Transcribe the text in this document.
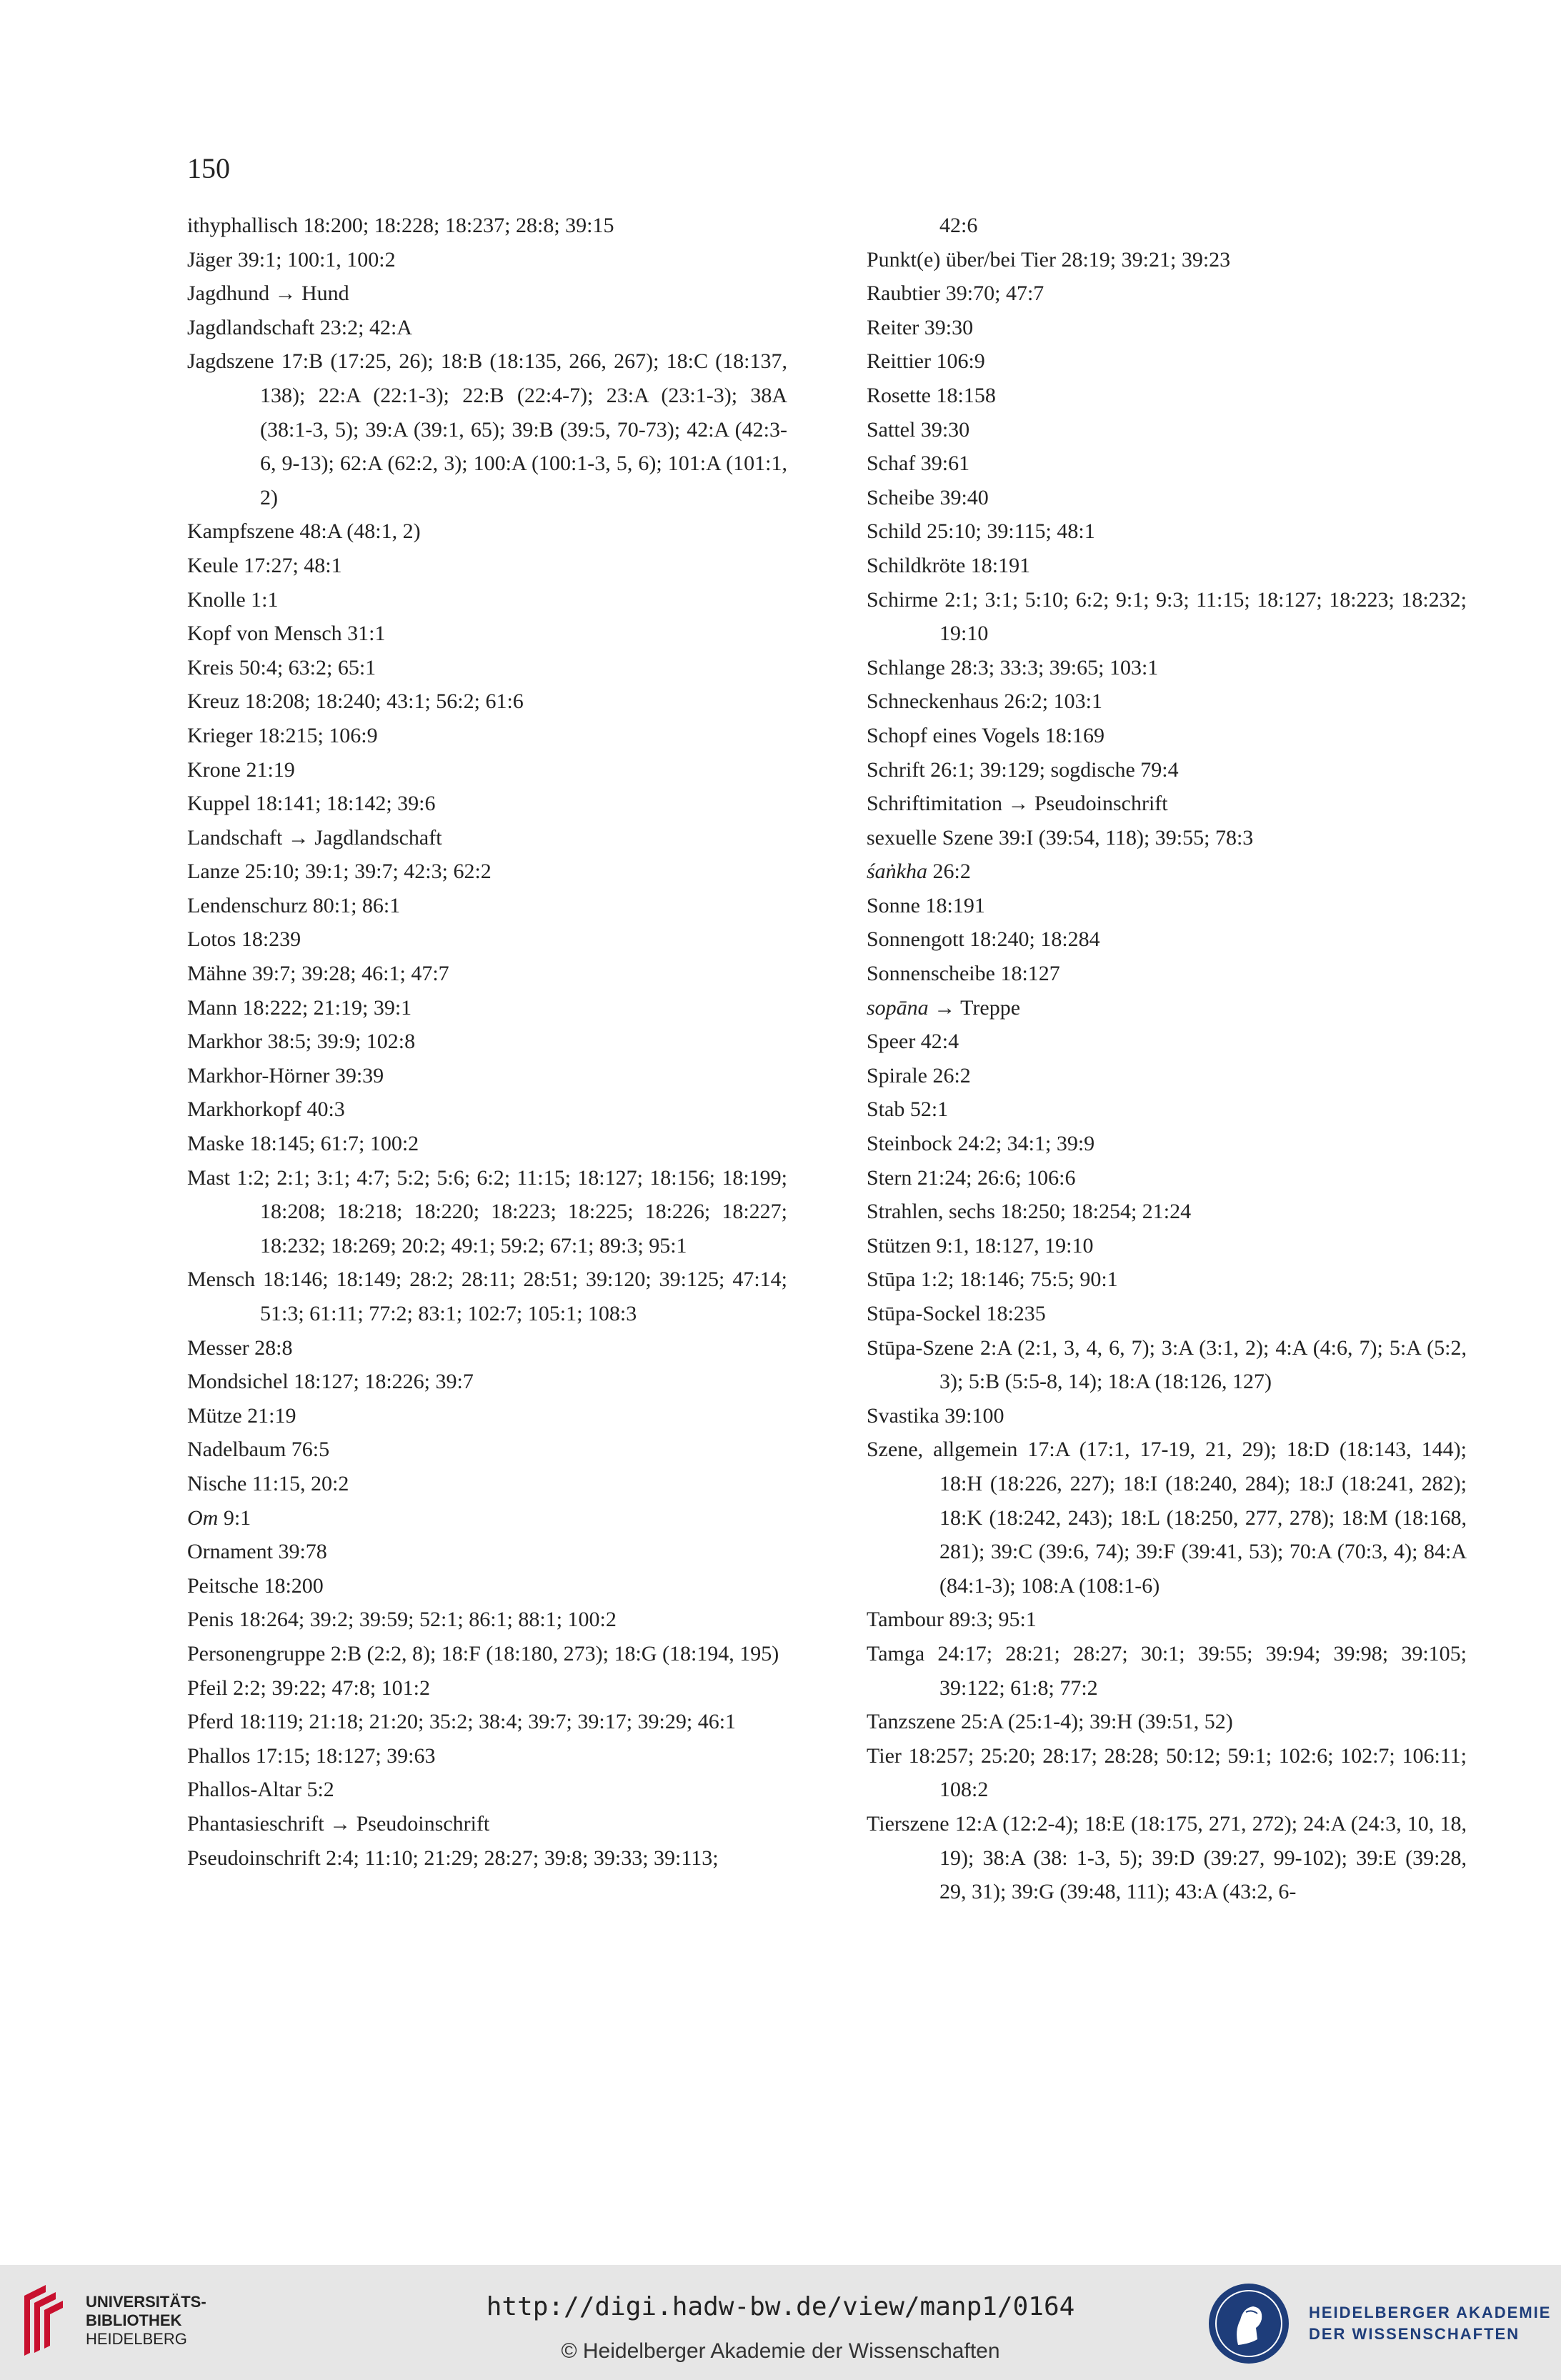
150

ithyphallisch 18:200; 18:228; 18:237; 28:8; 39:15

Jäger 39:1; 100:1, 100:2

Jagdhund → Hund

Jagdlandschaft 23:2; 42:A

Jagdszene 17:B (17:25, 26); 18:B (18:135, 266, 267); 18:C (18:137, 138); 22:A (22:1-3); 22:B (22:4-7); 23:A (23:1-3); 38A (38:1-3, 5); 39:A (39:1, 65); 39:B (39:5, 70-73); 42:A (42:3-6, 9-13); 62:A (62:2, 3); 100:A (100:1-3, 5, 6); 101:A (101:1, 2)

Kampfszene 48:A (48:1, 2)

Keule 17:27; 48:1

Knolle 1:1

Kopf von Mensch 31:1

Kreis 50:4; 63:2; 65:1

Kreuz 18:208; 18:240; 43:1; 56:2; 61:6

Krieger 18:215; 106:9

Krone 21:19

Kuppel 18:141; 18:142; 39:6

Landschaft → Jagdlandschaft

Lanze 25:10; 39:1; 39:7; 42:3; 62:2

Lendenschurz 80:1; 86:1

Lotos 18:239

Mähne 39:7; 39:28; 46:1; 47:7

Mann 18:222; 21:19; 39:1

Markhor 38:5; 39:9; 102:8

Markhor-Hörner 39:39

Markhorkopf 40:3

Maske 18:145; 61:7; 100:2

Mast 1:2; 2:1; 3:1; 4:7; 5:2; 5:6; 6:2; 11:15; 18:127; 18:156; 18:199; 18:208; 18:218; 18:220; 18:223; 18:225; 18:226; 18:227; 18:232; 18:269; 20:2; 49:1; 59:2; 67:1; 89:3; 95:1

Mensch 18:146; 18:149; 28:2; 28:11; 28:51; 39:120; 39:125; 47:14; 51:3; 61:11; 77:2; 83:1; 102:7; 105:1; 108:3

Messer 28:8

Mondsichel 18:127; 18:226; 39:7

Mütze 21:19

Nadelbaum 76:5

Nische 11:15, 20:2

Om 9:1

Ornament 39:78

Peitsche 18:200

Penis 18:264; 39:2; 39:59; 52:1; 86:1; 88:1; 100:2

Personengruppe 2:B (2:2, 8); 18:F (18:180, 273); 18:G (18:194, 195)

Pfeil 2:2; 39:22; 47:8; 101:2

Pferd 18:119; 21:18; 21:20; 35:2; 38:4; 39:7; 39:17; 39:29; 46:1

Phallos 17:15; 18:127; 39:63

Phallos-Altar 5:2

Phantasieschrift → Pseudoinschrift

Pseudoinschrift 2:4; 11:10; 21:29; 28:27; 39:8; 39:33; 39:113;

42:6

Punkt(e) über/bei Tier 28:19; 39:21; 39:23

Raubtier 39:70; 47:7

Reiter 39:30

Reittier 106:9

Rosette 18:158

Sattel 39:30

Schaf 39:61

Scheibe 39:40

Schild 25:10; 39:115; 48:1

Schildkröte 18:191

Schirme 2:1; 3:1; 5:10; 6:2; 9:1; 9:3; 11:15; 18:127; 18:223; 18:232; 19:10

Schlange 28:3; 33:3; 39:65; 103:1

Schneckenhaus 26:2; 103:1

Schopf eines Vogels 18:169

Schrift 26:1; 39:129; sogdische 79:4

Schriftimitation → Pseudoinschrift

sexuelle Szene 39:I (39:54, 118); 39:55; 78:3

śaṅkha 26:2

Sonne 18:191

Sonnengott 18:240; 18:284

Sonnenscheibe 18:127

sopāna → Treppe

Speer 42:4

Spirale 26:2

Stab 52:1

Steinbock 24:2; 34:1; 39:9

Stern 21:24; 26:6; 106:6

Strahlen, sechs 18:250; 18:254; 21:24

Stützen 9:1, 18:127, 19:10

Stūpa 1:2; 18:146; 75:5; 90:1

Stūpa-Sockel 18:235

Stūpa-Szene 2:A (2:1, 3, 4, 6, 7); 3:A (3:1, 2); 4:A (4:6, 7); 5:A (5:2, 3); 5:B (5:5-8, 14); 18:A (18:126, 127)

Svastika 39:100

Szene, allgemein 17:A (17:1, 17-19, 21, 29); 18:D (18:143, 144); 18:H (18:226, 227); 18:I (18:240, 284); 18:J (18:241, 282); 18:K (18:242, 243); 18:L (18:250, 277, 278); 18:M (18:168, 281); 39:C (39:6, 74); 39:F (39:41, 53); 70:A (70:3, 4); 84:A (84:1-3); 108:A (108:1-6)

Tambour 89:3; 95:1

Tamga 24:17; 28:21; 28:27; 30:1; 39:55; 39:94; 39:98; 39:105; 39:122; 61:8; 77:2

Tanzszene 25:A (25:1-4); 39:H (39:51, 52)

Tier 18:257; 25:20; 28:17; 28:28; 50:12; 59:1; 102:6; 102:7; 106:11; 108:2

Tierszene 12:A (12:2-4); 18:E (18:175, 271, 272); 24:A (24:3, 10, 18, 19); 38:A (38: 1-3, 5); 39:D (39:27, 99-102); 39:E (39:28, 29, 31); 39:G (39:48, 111); 43:A (43:2, 6-

UNIVERSITÄTS-
BIBLIOTHEK
HEIDELBERG
http://digi.hadw-bw.de/view/manp1/0164
© Heidelberger Akademie der Wissenschaften
HEIDELBERGER AKADEMIE
DER WISSENSCHAFTEN
